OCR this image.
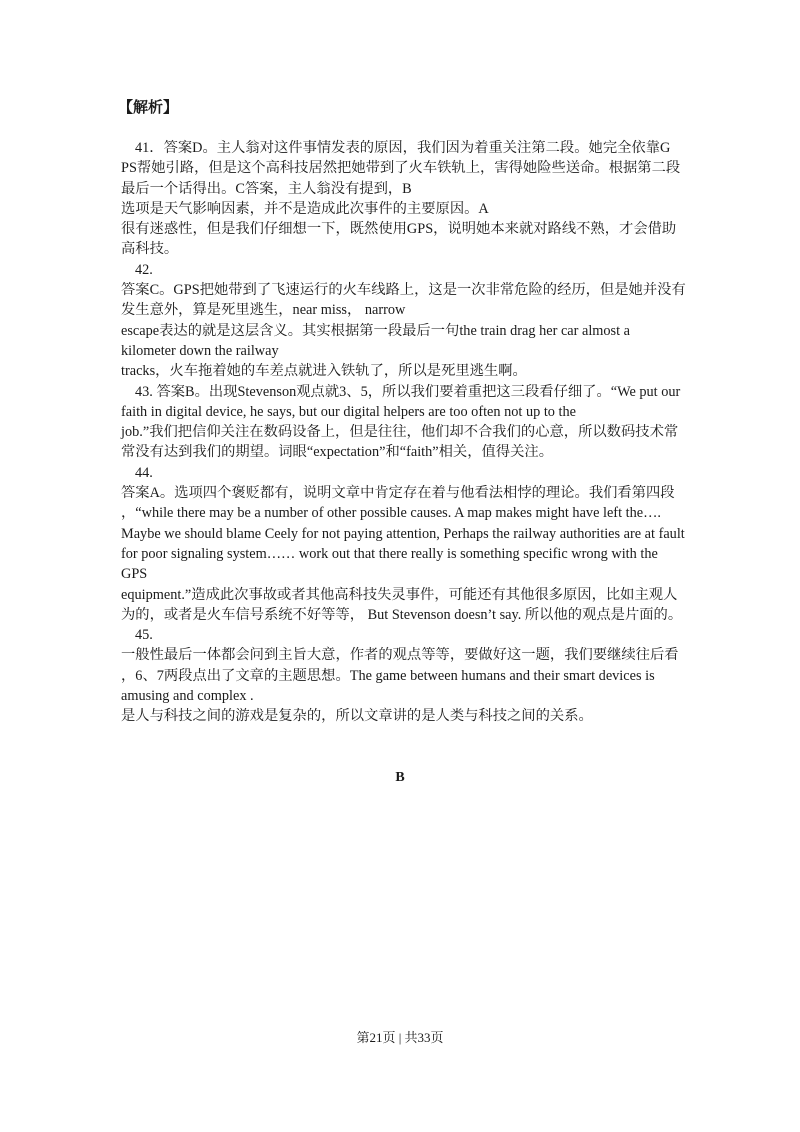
【解析】
41．答案D。主人翁对这件事情发表的原因，我们因为着重关注第二段。她完全依靠G
PS帮她引路，但是这个高科技居然把她带到了火车铁轨上，害得她险些送命。根据第二段
最后一个话得出。C答案，主人翁没有提到，B
选项是天气影响因素，并不是造成此次事件的主要原因。A
很有迷惑性，但是我们仔细想一下，既然使用GPS，说明她本来就对路线不熟，才会借助
高科技。
42.
答案C。GPS把她带到了飞速运行的火车线路上，这是一次非常危险的经历，但是她并没有
发生意外，算是死里逃生，near miss， narrow
escape表达的就是这层含义。其实根据第一段最后一句the train drag her car almost a
kilometer down the railway
tracks，火车拖着她的车差点就进入铁轨了，所以是死里逃生啊。
43. 答案B。出现Stevenson观点就3、5，所以我们要着重把这三段看仔细了。“We put our
faith in digital device, he says, but our digital helpers are too often not up to the
job.”我们把信仰关注在数码设备上，但是往往，他们却不合我们的心意，所以数码技术常
常没有达到我们的期望。词眼“expectation”和“faith”相关，值得关注。
44.
答案A。选项四个褒贬都有，说明文章中肯定存在着与他看法相悖的理论。我们看第四段
，“while there may be a number of other possible causes. A map makes might have left the….
Maybe we should blame Ceely for not paying attention, Perhaps the railway authorities are at fault
for poor signaling system…… work out that there really is something specific wrong with the
GPS
equipment.”造成此次事故或者其他高科技失灵事件，可能还有其他很多原因，比如主观人
为的，或者是火车信号系统不好等等， But Stevenson doesn’t say. 所以他的观点是片面的。
45.
一般性最后一体都会问到主旨大意，作者的观点等等，要做好这一题，我们要继续往后看
，6、7两段点出了文章的主题思想。The game between humans and their smart devices is
amusing and complex .
是人与科技之间的游戏是复杂的，所以文章讲的是人类与科技之间的关系。
B
第21页 | 共33页
